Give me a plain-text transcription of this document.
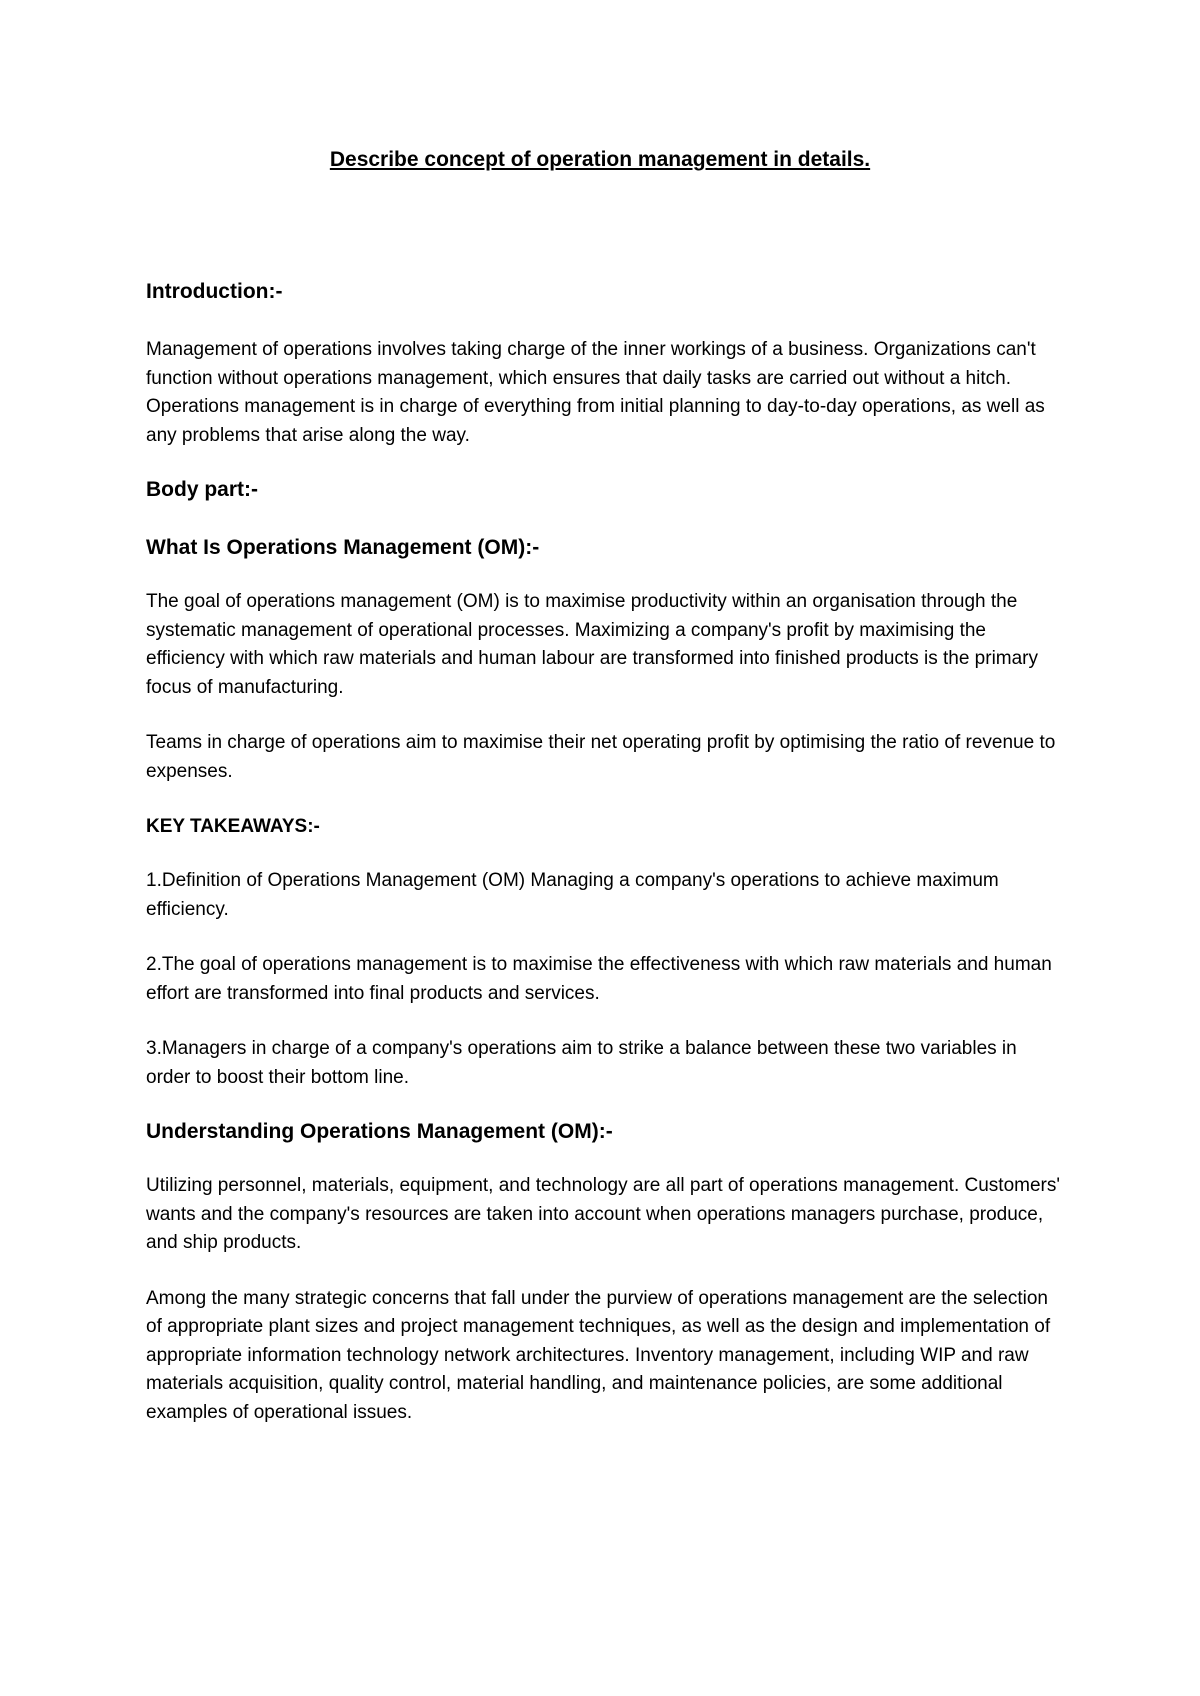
Describe concept of operation management in details.
Introduction:-

Management of operations involves taking charge of the inner workings of a business. Organizations can't function without operations management, which ensures that daily tasks are carried out without a hitch. Operations management is in charge of everything from initial planning to day-to-day operations, as well as any problems that arise along the way.

Body part:-
What Is Operations Management (OM):-

The goal of operations management (OM) is to maximise productivity within an organisation through the systematic management of operational processes. Maximizing a company's profit by maximising the efficiency with which raw materials and human labour are transformed into finished products is the primary focus of manufacturing.

Teams in charge of operations aim to maximise their net operating profit by optimising the ratio of revenue to expenses.

KEY TAKEAWAYS:-

1.Definition of Operations Management (OM) Managing a company's operations to achieve maximum efficiency.

2.The goal of operations management is to maximise the effectiveness with which raw materials and human effort are transformed into final products and services.

3.Managers in charge of a company's operations aim to strike a balance between these two variables in order to boost their bottom line.

Understanding Operations Management (OM):-

Utilizing personnel, materials, equipment, and technology are all part of operations management. Customers' wants and the company's resources are taken into account when operations managers purchase, produce, and ship products.

Among the many strategic concerns that fall under the purview of operations management are the selection of appropriate plant sizes and project management techniques, as well as the design and implementation of appropriate information technology network architectures. Inventory management, including WIP and raw materials acquisition, quality control, material handling, and maintenance policies, are some additional examples of operational issues.
